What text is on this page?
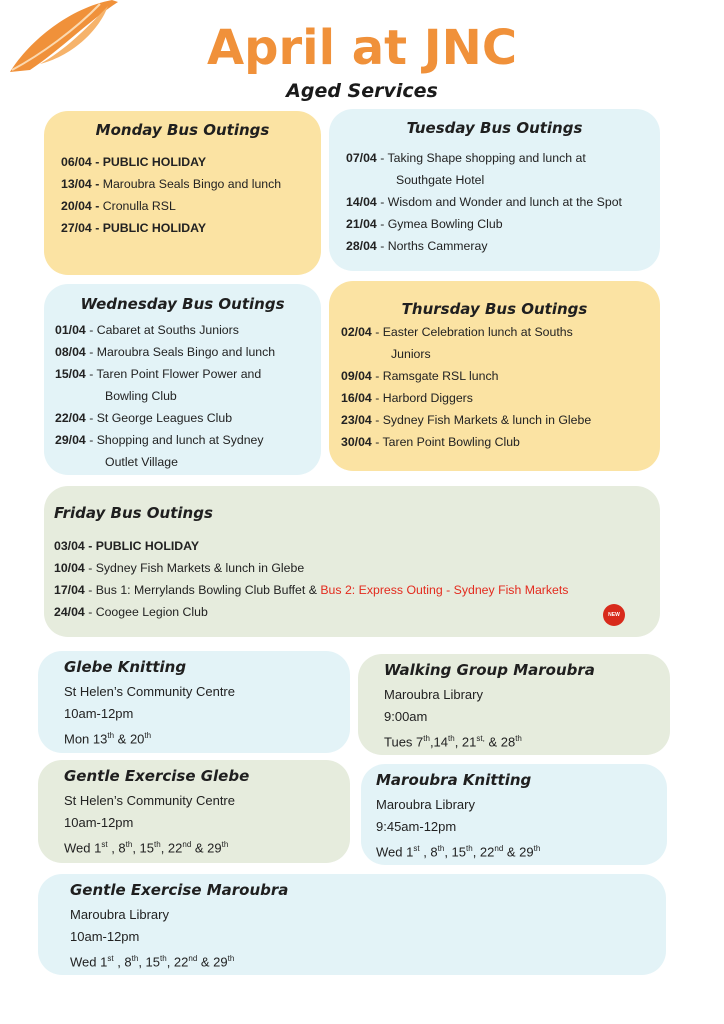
April at JNC
Aged Services
Monday Bus Outings
06/04 - PUBLIC HOLIDAY
13/04 - Maroubra Seals Bingo and lunch
20/04 - Cronulla RSL
27/04 - PUBLIC HOLIDAY
Tuesday Bus Outings
07/04 - Taking Shape shopping and lunch at
Southgate Hotel
14/04 - Wisdom and Wonder and lunch at the Spot
21/04 - Gymea Bowling Club
28/04 - Norths Cammeray
Wednesday Bus Outings
01/04 - Cabaret at Souths Juniors
08/04 - Maroubra Seals Bingo and lunch
15/04 - Taren Point Flower Power and
Bowling Club
22/04 - St George Leagues Club
29/04 - Shopping and lunch at Sydney
Outlet Village
Thursday Bus Outings
02/04 - Easter Celebration lunch at Souths
Juniors
09/04 - Ramsgate RSL lunch
16/04 - Harbord Diggers
23/04 - Sydney Fish Markets & lunch in Glebe
30/04 - Taren Point Bowling Club
Friday Bus Outings
03/04 - PUBLIC HOLIDAY
10/04 - Sydney Fish Markets & lunch in Glebe
17/04 - Bus 1: Merrylands Bowling Club Buffet & Bus 2: Express Outing - Sydney Fish Markets
24/04 - Coogee Legion Club	NEW
Glebe Knitting
St Helen’s Community Centre
10am-12pm
Mon 13th & 20th
Walking Group Maroubra
Maroubra Library
9:00am
Tues 7th,14th, $21^{st,}$ & 28th
Gentle Exercise Glebe
St Helen’s Community Centre
10am-12pm
Wed 1st , 8th, 15th, 22nd & 29th
Maroubra Knitting
Maroubra Library
9:45am-12pm
Wed 1st , 8th, 15th, 22nd & 29th
Gentle Exercise Maroubra
Maroubra Library
10am-12pm
Wed 1st , 8th, 15th, 22nd & 29th
